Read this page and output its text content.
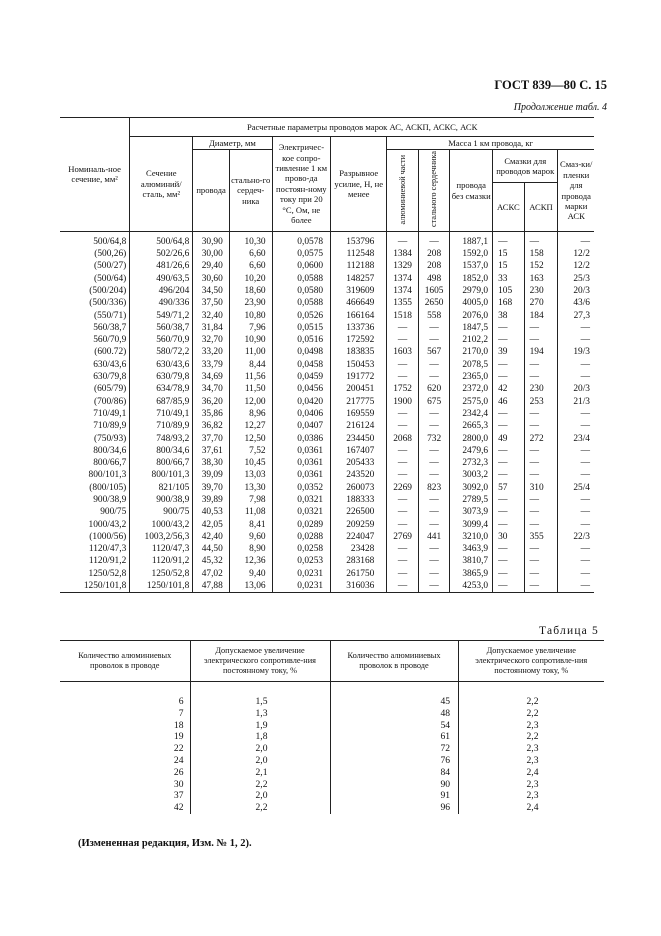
ГОСТ 839—80 С. 15
Продолжение табл. 4
Номиналь-ное сечение, мм²	Расчетные параметры проводов марок АС, АСКП, АСКС, АСК										
	Сечение алюминий/сталь, мм²	Диаметр, мм		Электричес-кое сопро-тивление 1 км прово-да постоян-ному току при 20 °С, Ом, не более	Разрывное усилие, Н, не менее	Масса 1 км провода, кг					
		провода	стально-го сердеч-ника			алюминиевой части	стального сердечника	провода без смазки	Смазки для проводов марок		Смаз-ки/ пленки для провода марки АСК
									АСКС	АСКП	
500/64,8	500/64,8	30,90	10,30	0,0578	153796	—	—	1887,1	—	—	—
(500,26)	502/26,6	30,00	6,60	0,0575	112548	1384	208	1592,0	15	158	12/2
(500/27)	481/26,6	29,40	6,60	0,0600	112188	1329	208	1537,0	15	152	12/2
(500/64)	490/63,5	30,60	10,20	0,0588	148257	1374	498	1852,0	33	163	25/3
(500/204)	496/204	34,50	18,60	0,0580	319609	1374	1605	2979,0	105	230	20/3
(500/336)	490/336	37,50	23,90	0,0588	466649	1355	2650	4005,0	168	270	43/6
(550/71)	549/71,2	32,40	10,80	0,0526	166164	1518	558	2076,0	38	184	27,3
560/38,7	560/38,7	31,84	7,96	0,0515	133736	—	—	1847,5	—	—	—
560/70,9	560/70,9	32,70	10,90	0,0516	172592	—	—	2102,2	—	—	—
(600.72)	580/72,2	33,20	11,00	0,0498	183835	1603	567	2170,0	39	194	19/3
630/43,6	630/43,6	33,79	8,44	0,0458	150453	—	—	2078,5	—	—	—
630/79,8	630/79,8	34,69	11,56	0,0459	191772	—	—	2365,0	—	—	—
(605/79)	634/78,9	34,70	11,50	0,0456	200451	1752	620	2372,0	42	230	20/3
(700/86)	687/85,9	36,20	12,00	0,0420	217775	1900	675	2575,0	46	253	21/3
710/49,1	710/49,1	35,86	8,96	0,0406	169559	—	—	2342,4	—	—	—
710/89,9	710/89,9	36,82	12,27	0,0407	216124	—	—	2665,3	—	—	—
(750/93)	748/93,2	37,70	12,50	0,0386	234450	2068	732	2800,0	49	272	23/4
800/34,6	800/34,6	37,61	7,52	0,0361	167407	—	—	2479,6	—	—	—
800/66,7	800/66,7	38,30	10,45	0,0361	205433	—	—	2732,3	—	—	—
800/101,3	800/101,3	39,09	13,03	0,0361	243520	—	—	3003,2	—	—	—
(800/105)	821/105	39,70	13,30	0,0352	260073	2269	823	3092,0	57	310	25/4
900/38,9	900/38,9	39,89	7,98	0,0321	188333	—	—	2789,5	—	—	—
900/75	900/75	40,53	11,08	0,0321	226500	—	—	3073,9	—	—	—
1000/43,2	1000/43,2	42,05	8,41	0,0289	209259	—	—	3099,4	—	—	—
(1000/56)	1003,2/56,3	42,40	9,60	0,0288	224047	2769	441	3210,0	30	355	22/3
1120/47,3	1120/47,3	44,50	8,90	0,0258	23428	—	—	3463,9	—	—	—
1120/91,2	1120/91,2	45,32	12,36	0,0253	283168	—	—	3810,7	—	—	—
1250/52,8	1250/52,8	47,02	9,40	0,0231	261750	—	—	3865,9	—	—	—
1250/101,8	1250/101,8	47,88	13,06	0,0231	316036	—	—	4253,0	—	—	—
Таблица 5
Количество алюминиевых проволок в проводе	Допускаемое увеличение электрического сопротивле-ния постоянному току, %	Количество алюминиевых проволок в проводе	Допускаемое увеличение электрического сопротивле-ния постоянному току, %
6	1,5	45	2,2
7	1,3	48	2,2
18	1,9	54	2,3
19	1,8	61	2,2
22	2,0	72	2,3
24	2,0	76	2,3
26	2,1	84	2,4
30	2,2	90	2,3
37	2,0	91	2,3
42	2,2	96	2,4
(Измененная редакция, Изм. № 1, 2).
